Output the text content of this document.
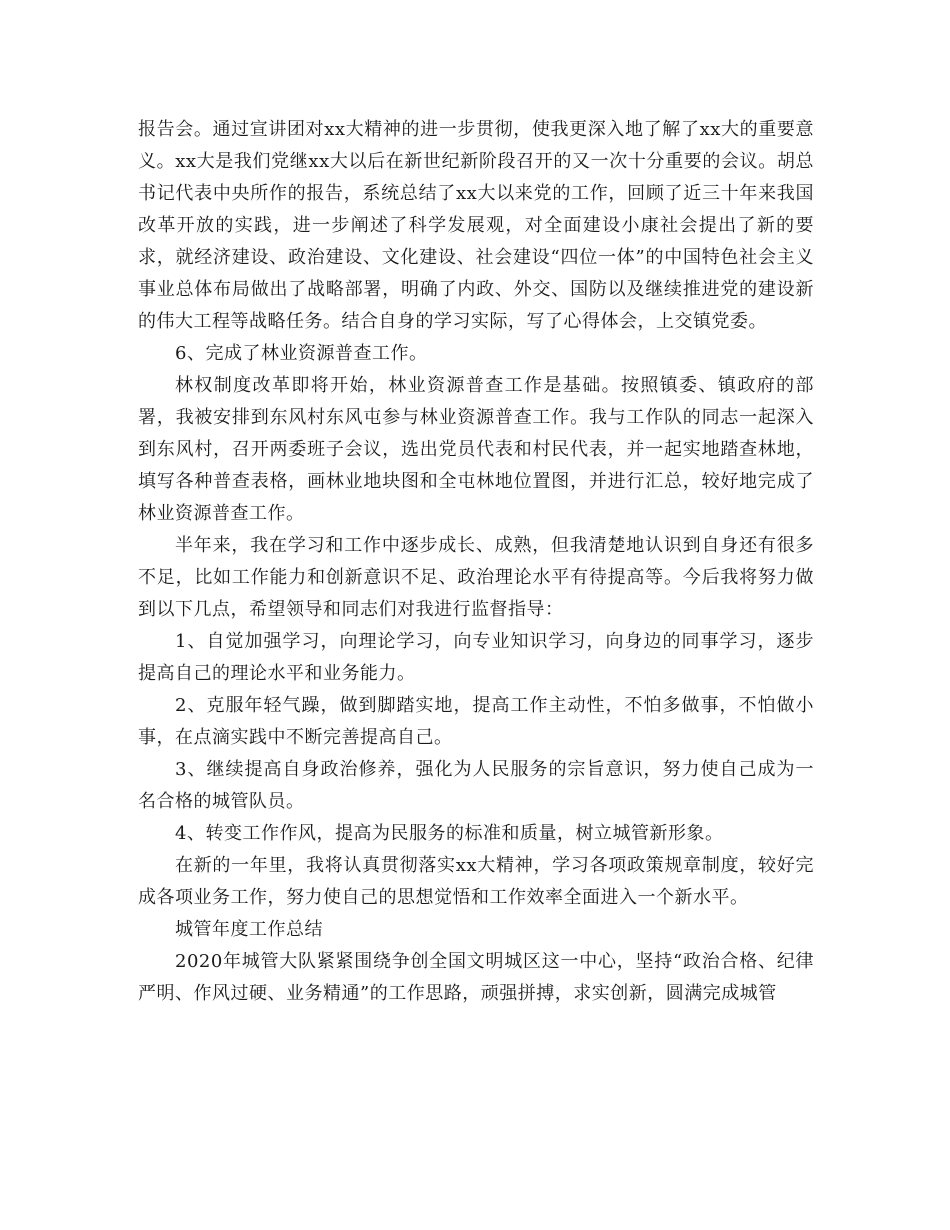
报告会。通过宣讲团对xx大精神的进一步贯彻，使我更深入地了解了xx大的重要意义。xx大是我们党继xx大以后在新世纪新阶段召开的又一次十分重要的会议。胡总书记代表中央所作的报告，系统总结了xx大以来党的工作，回顾了近三十年来我国改革开放的实践，进一步阐述了科学发展观，对全面建设小康社会提出了新的要求，就经济建设、政治建设、文化建设、社会建设“四位一体”的中国特色社会主义事业总体布局做出了战略部署，明确了内政、外交、国防以及继续推进党的建设新的伟大工程等战略任务。结合自身的学习实际，写了心得体会，上交镇党委。

6、完成了林业资源普查工作。

林权制度改革即将开始，林业资源普查工作是基础。按照镇委、镇政府的部署，我被安排到东风村东风屯参与林业资源普查工作。我与工作队的同志一起深入到东风村，召开两委班子会议，选出党员代表和村民代表，并一起实地踏查林地，填写各种普查表格，画林业地块图和全屯林地位置图，并进行汇总，较好地完成了林业资源普查工作。

半年来，我在学习和工作中逐步成长、成熟，但我清楚地认识到自身还有很多不足，比如工作能力和创新意识不足、政治理论水平有待提高等。今后我将努力做到以下几点，希望领导和同志们对我进行监督指导：

1、自觉加强学习，向理论学习，向专业知识学习，向身边的同事学习，逐步提高自己的理论水平和业务能力。

2、克服年轻气躁，做到脚踏实地，提高工作主动性，不怕多做事，不怕做小事，在点滴实践中不断完善提高自己。

3、继续提高自身政治修养，强化为人民服务的宗旨意识，努力使自己成为一名合格的城管队员。

4、转变工作作风，提高为民服务的标准和质量，树立城管新形象。

在新的一年里，我将认真贯彻落实xx大精神，学习各项政策规章制度，较好完成各项业务工作，努力使自己的思想觉悟和工作效率全面进入一个新水平。

城管年度工作总结

2020年城管大队紧紧围绕争创全国文明城区这一中心，坚持“政治合格、纪律严明、作风过硬、业务精通”的工作思路，顽强拼搏，求实创新，圆满完成城管
